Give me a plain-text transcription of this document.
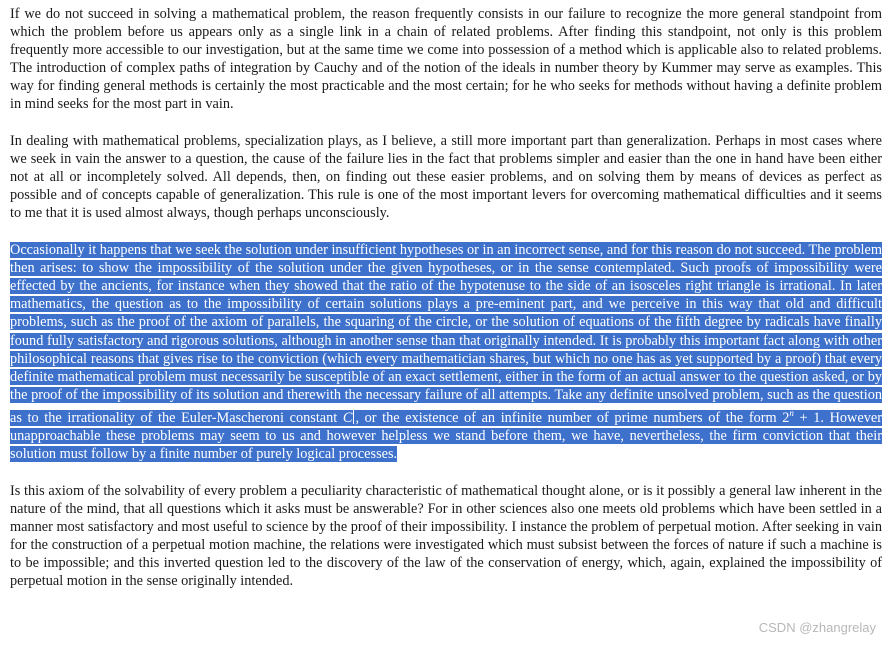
If we do not succeed in solving a mathematical problem, the reason frequently consists in our failure to recognize the more general standpoint from which the problem before us appears only as a single link in a chain of related problems. After finding this standpoint, not only is this problem frequently more accessible to our investigation, but at the same time we come into possession of a method which is applicable also to related problems. The introduction of complex paths of integration by Cauchy and of the notion of the ideals in number theory by Kummer may serve as examples. This way for finding general methods is certainly the most practicable and the most certain; for he who seeks for methods without having a definite problem in mind seeks for the most part in vain.

In dealing with mathematical problems, specialization plays, as I believe, a still more important part than generalization. Perhaps in most cases where we seek in vain the answer to a question, the cause of the failure lies in the fact that problems simpler and easier than the one in hand have been either not at all or incompletely solved. All depends, then, on finding out these easier problems, and on solving them by means of devices as perfect as possible and of concepts capable of generalization. This rule is one of the most important levers for overcoming mathematical difficulties and it seems to me that it is used almost always, though perhaps unconsciously.

Occasionally it happens that we seek the solution under insufficient hypotheses or in an incorrect sense, and for this reason do not succeed. The problem then arises: to show the impossibility of the solution under the given hypotheses, or in the sense contemplated. Such proofs of impossibility were effected by the ancients, for instance when they showed that the ratio of the hypotenuse to the side of an isosceles right triangle is irrational. In later mathematics, the question as to the impossibility of certain solutions plays a pre-eminent part, and we perceive in this way that old and difficult problems, such as the proof of the axiom of parallels, the squaring of the circle, or the solution of equations of the fifth degree by radicals have finally found fully satisfactory and rigorous solutions, although in another sense than that originally intended. It is probably this important fact along with other philosophical reasons that gives rise to the conviction (which every mathematician shares, but which no one has as yet supported by a proof) that every definite mathematical problem must necessarily be susceptible of an exact settlement, either in the form of an actual answer to the question asked, or by the proof of the impossibility of its solution and therewith the necessary failure of all attempts. Take any definite unsolved problem, such as the question as to the irrationality of the Euler-Mascheroni constant C , or the existence of an infinite number of prime numbers of the form $2^n + 1$. However unapproachable these problems may seem to us and however helpless we stand before them, we have, nevertheless, the firm conviction that their solution must follow by a finite number of purely logical processes.

Is this axiom of the solvability of every problem a peculiarity characteristic of mathematical thought alone, or is it possibly a general law inherent in the nature of the mind, that all questions which it asks must be answerable? For in other sciences also one meets old problems which have been settled in a manner most satisfactory and most useful to science by the proof of their impossibility. I instance the problem of perpetual motion. After seeking in vain for the construction of a perpetual motion machine, the relations were investigated which must subsist between the forces of nature if such a machine is to be impossible; and this inverted question led to the discovery of the law of the conservation of energy, which, again, explained the impossibility of perpetual motion in the sense originally intended.

CSDN @zhangrelay
